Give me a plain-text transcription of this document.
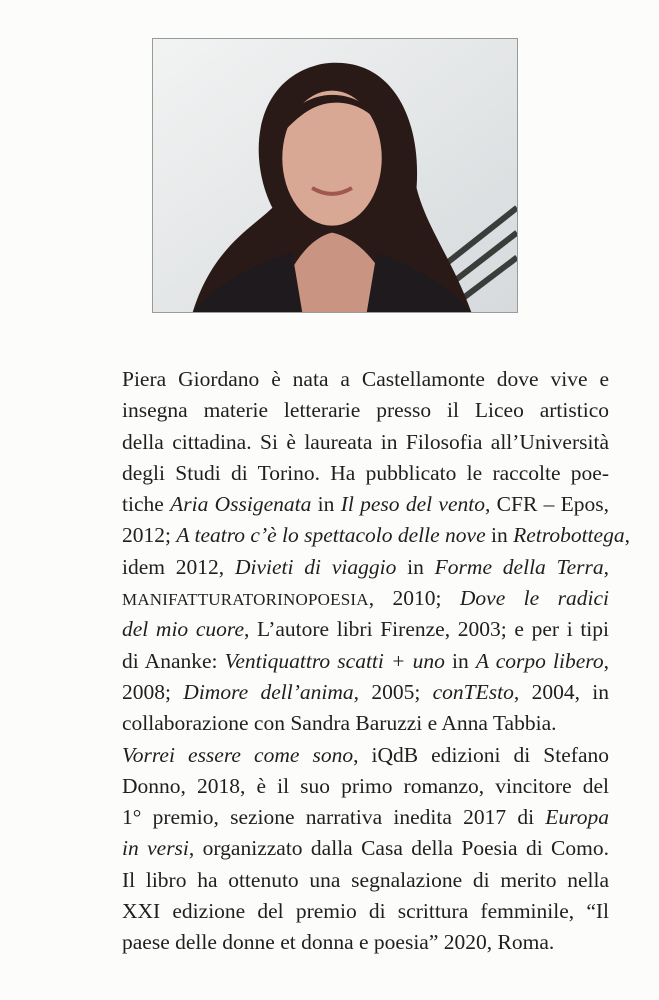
Piera Giordano è nata a Castellamonte dove vive e
insegna materie letterarie presso il Liceo artistico
della cittadina. Si è laureata in Filosofia all’Università
degli Studi di Torino. Ha pubblicato le raccolte poe-
tiche Aria Ossigenata in Il peso del vento, CFR – Epos,
2012; A teatro c’è lo spettacolo delle nove in Retrobottega,
idem 2012, Divieti di viaggio in Forme della Terra,
MANIFATTURATORINOPOESIA, 2010; Dove le radici
del mio cuore, L’autore libri Firenze, 2003; e per i tipi
di Ananke: Ventiquattro scatti + uno in A corpo libero,
2008; Dimore dell’anima, 2005; conTEsto, 2004, in
collaborazione con Sandra Baruzzi e Anna Tabbia.
Vorrei essere come sono, iQdB edizioni di Stefano
Donno, 2018, è il suo primo romanzo, vincitore del
1° premio, sezione narrativa inedita 2017 di Europa
in versi, organizzato dalla Casa della Poesia di Como.
Il libro ha ottenuto una segnalazione di merito nella
XXI edizione del premio di scrittura femminile, “Il
paese delle donne et donna e poesia” 2020, Roma.
